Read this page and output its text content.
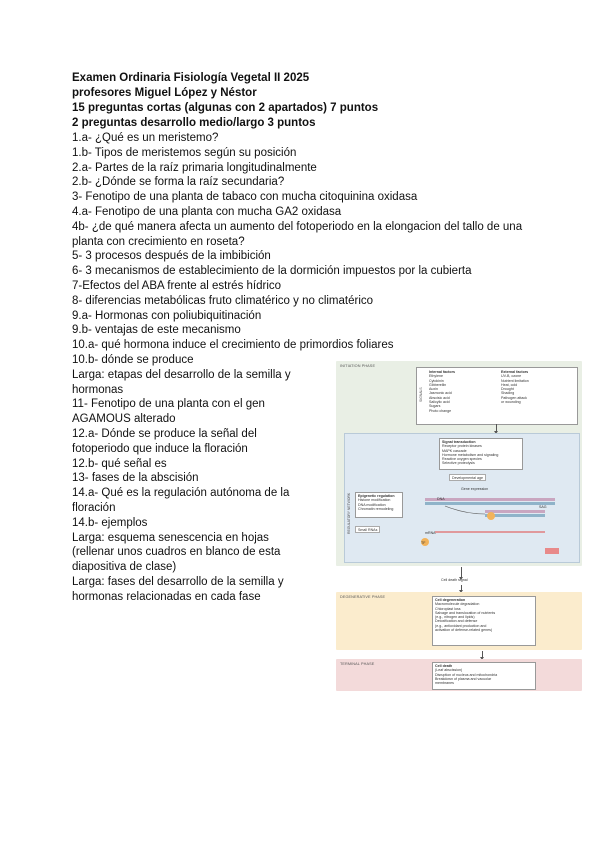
Examen Ordinaria Fisiología Vegetal II 2025
profesores Miguel López y Néstor
15 preguntas cortas (algunas con 2 apartados) 7 puntos
2 preguntas desarrollo medio/largo 3 puntos
1.a- ¿Qué es un meristemo?
1.b- Tipos de meristemos según su posición
2.a- Partes de la raíz primaria longitudinalmente
2.b- ¿Dónde se forma la raíz secundaria?
3- Fenotipo de una planta de tabaco con mucha citoquinina oxidasa
4.a- Fenotipo de una planta con mucha GA2 oxidasa
4b- ¿de qué manera afecta un aumento del fotoperiodo en la elongacion del tallo de una planta con crecimiento en roseta?
5- 3 procesos después de la imbibición
6- 3 mecanismos de establecimiento de la dormición impuestos por la cubierta
7-Efectos del ABA frente al estrés hídrico
8- diferencias metabólicas fruto climatérico y no climatérico
9.a- Hormonas con poliubiquitinación
9.b- ventajas de este mecanismo
10.a- qué hormona induce el crecimiento de primordios foliares
10.b- dónde se produce
Larga: etapas del desarrollo de la semilla y hormonas
11- Fenotipo de una planta con el gen AGAMOUS alterado
12.a- Dónde se produce la señal del fotoperiodo que induce la floración
12.b- qué señal es
13- fases de la abscisión
14.a- Qué es la regulación autónoma de la floración
14.b- ejemplos
Larga: esquema senescencia en hojas (rellenar unos cuadros en blanco de esta diapositiva de clase)
Larga: fases del desarrollo de la semilla y hormonas relacionadas en cada fase
INITIATION PHASE
SIGNALS
Internal factors
Ethylene
Cytokinin
Gibberellin
Auxin
Jasmonic acid
Abscisic acid
Salicylic acid
Sugars
Photo change
External factors
UV-B, ozone
Nutrient limitation
Heat, cold
Drought
Shading
Pathogen attack
or wounding
REGULATORY NETWORK
Signal transduction
Receptor protein kinases
MAPK cascade
Hormone metabolism and signaling
Reactive oxygen species
Selective proteolysis
Developmental age
Gene expression
Epigenetic regulation
Histone modification
DNA modification
Chromatin remodeling
Small RNAs
DNA
mRNA
SAG
TF
Cell death signal
DEGENERATIVE PHASE
Cell degeneration
Macromolecule degradation
Chloroplast loss
Salvage and translocation of nutrients
(e.g., nitrogen and lipids)
Detoxification and defense
(e.g., antioxidant production and
activation of defense-related genes)
TERMINAL PHASE	Cell death
(Leaf abscission)
Disruption of nucleus and mitochondria
Breakdown of plasma and vacuolar
membranes
